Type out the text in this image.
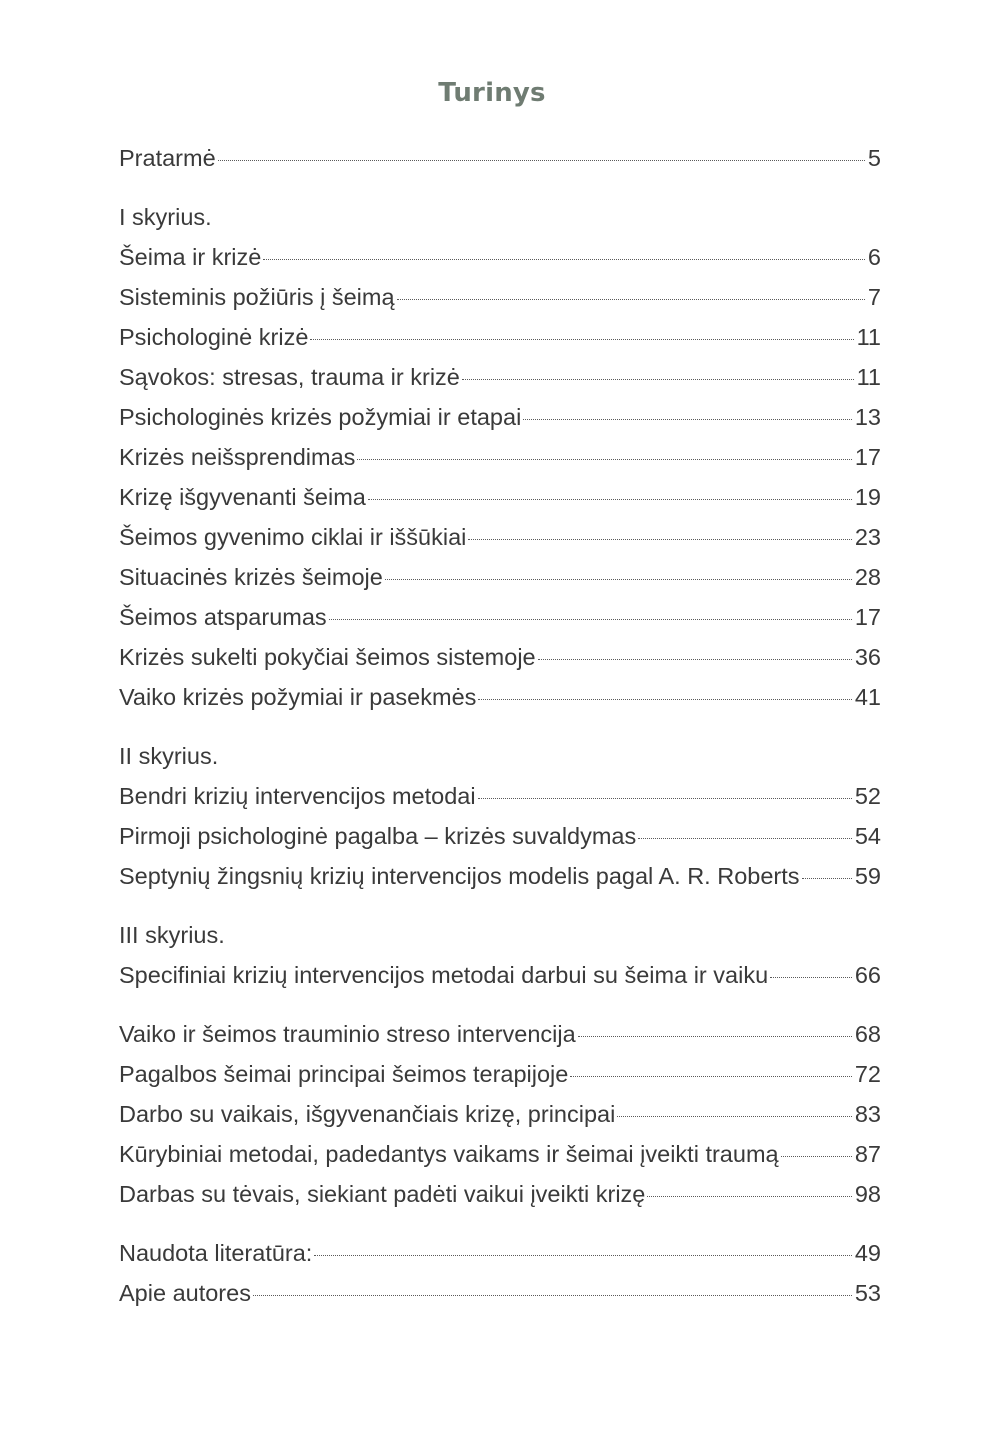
Turinys
Pratarmė	5
I skyrius.
Šeima ir krizė	6
Sisteminis požiūris į šeimą	7
Psichologinė krizė	11
Sąvokos: stresas, trauma ir krizė	11
Psichologinės krizės požymiai ir etapai	13
Krizės neišsprendimas	17
Krizę išgyvenanti šeima	19
Šeimos gyvenimo ciklai ir iššūkiai	23
Situacinės krizės šeimoje	28
Šeimos atsparumas	17
Krizės sukelti pokyčiai šeimos sistemoje	36
Vaiko krizės požymiai ir pasekmės	41
II skyrius.
Bendri krizių intervencijos metodai	52
Pirmoji psichologinė pagalba – krizės suvaldymas	54
Septynių žingsnių krizių intervencijos modelis pagal A. R. Roberts 59
III skyrius.
Specifiniai krizių intervencijos metodai darbui su šeima ir vaiku	66
Vaiko ir šeimos trauminio streso intervencija	68
Pagalbos šeimai principai šeimos terapijoje	72
Darbo su vaikais, išgyvenančiais krizę, principai	83
Kūrybiniai metodai, padedantys vaikams ir šeimai įveikti traumą	87
Darbas su tėvais, siekiant padėti vaikui įveikti krizę	98
Naudota literatūra:	49
Apie autores	53
